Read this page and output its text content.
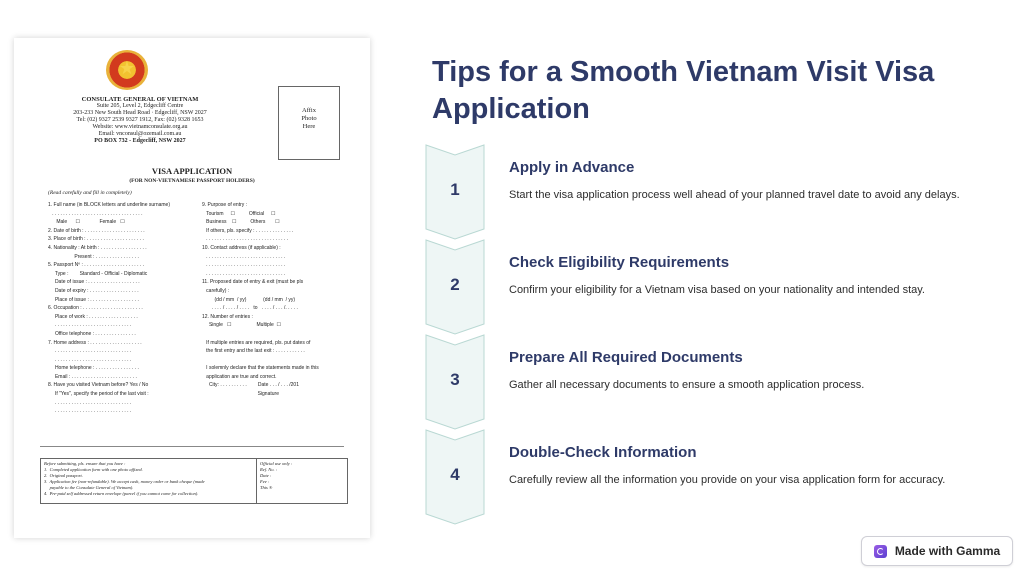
★
CONSULATE GENERAL OF VIETNAM
Suite 205, Level 2, Edgecliff Centre
203-233 New South Head Road · Edgecliff, NSW 2027
Tel: (02) 9327 2539 9327 1912, Fax: (02) 9328 1653
Website: www.vietnamconsulate.org.au
Email: vnconsul@ozemail.com.au
PO BOX 732 - Edgecliff, NSW 2027
Affix
Photo
Here
VISA APPLICATION
(FOR NON-VIETNAMESE PASSPORT HOLDERS)
(Read carefully and fill in completely)
1. Full name (in BLOCK letters and underline surname)
. . . . . . . . . . . . . . . . . . . . . . . . . . . . . . . . .
Male      ☐              Female   ☐
2. Date of birth : . . . . . . . . . . . . . . . . . . . . . .
3. Place of birth : . . . . . . . . . . . . . . . . . . . . .
4. Nationality : At birth : . . . . . . . . . . . . . . . . .
Present : . . . . . . . . . . . . . . . .
5. Passport Nº : . . . . . . . . . . . . . . . . . . . . . .
Type :        Standard - Official - Diplomatic
Date of issue : . . . . . . . . . . . . . . . . . . .
Date of expiry : . . . . . . . . . . . . . . . . . .
Place of issue : . . . . . . . . . . . . . . . . . .
6. Occupation : . . . . . . . . . . . . . . . . . . . . . .
Place of work : . . . . . . . . . . . . . . . . . .
. . . . . . . . . . . . . . . . . . . . . . . . . . . .
Office telephone : . . . . . . . . . . . . . . .
7. Home address : . . . . . . . . . . . . . . . . . . .
. . . . . . . . . . . . . . . . . . . . . . . . . . . .
. . . . . . . . . . . . . . . . . . . . . . . . . . . .
Home telephone : . . . . . . . . . . . . . . . .
Email : . . . . . . . . . . . . . . . . . . . . . . . .
8. Have you visited Vietnam before? Yes / No
If "Yes", specify the period of the last visit :
. . . . . . . . . . . . . . . . . . . . . . . . . . . .
. . . . . . . . . . . . . . . . . . . . . . . . . . . .
9. Purpose of entry :
Tourism     ☐          Official     ☐
Business    ☐          Others       ☐
If others, pls. specify : . . . . . . . . . . . . . .
. . . . . . . . . . . . . . . . . . . . . . . . . . . . . .
10. Contact address (if applicable) :
. . . . . . . . . . . . . . . . . . . . . . . . . . . . .
. . . . . . . . . . . . . . . . . . . . . . . . . . . . .
. . . . . . . . . . . . . . . . . . . . . . . . . . . . .
11. Proposed date of entry & exit (must be pls
carefully) :
(dd / mm  / yy)            (dd / mm  / yy)
. . . . / . . . . / . . . .   to   . . . . / . . . /. . . . .
12. Number of entries :
Single   ☐                  Multiple  ☐

If multiple entries are required, pls. put dates of
the first entry and the last exit : . . . . . . . . . . .

I solemnly declare that the statements made in this
application are true and correct.
City: . . . . . . . . . .        Date . . . / . . . /201
Signature
Before submitting, pls. ensure that you have :
1.  Completed application form with one photo affixed.
2.  Original passport.
3.  Application fee (non-refundable). We accept cash, money order or bank cheque (made
payable to the Consulate General of Vietnam).
4.  Pre-paid self addressed return envelope (parcel if you cannot come for collection).
Official use only :
Ref. No. :
Date :
Fee :
This ®
Tips for a Smooth Vietnam Visit Visa Application
1
Apply in Advance

Start the visa application process well ahead of your planned travel date to avoid any delays.

2
Check Eligibility Requirements

Confirm your eligibility for a Vietnam visa based on your nationality and intended stay.

3
Prepare All Required Documents

Gather all necessary documents to ensure a smooth application process.

4
Double-Check Information

Carefully review all the information you provide on your visa application form for accuracy.

Made with Gamma
